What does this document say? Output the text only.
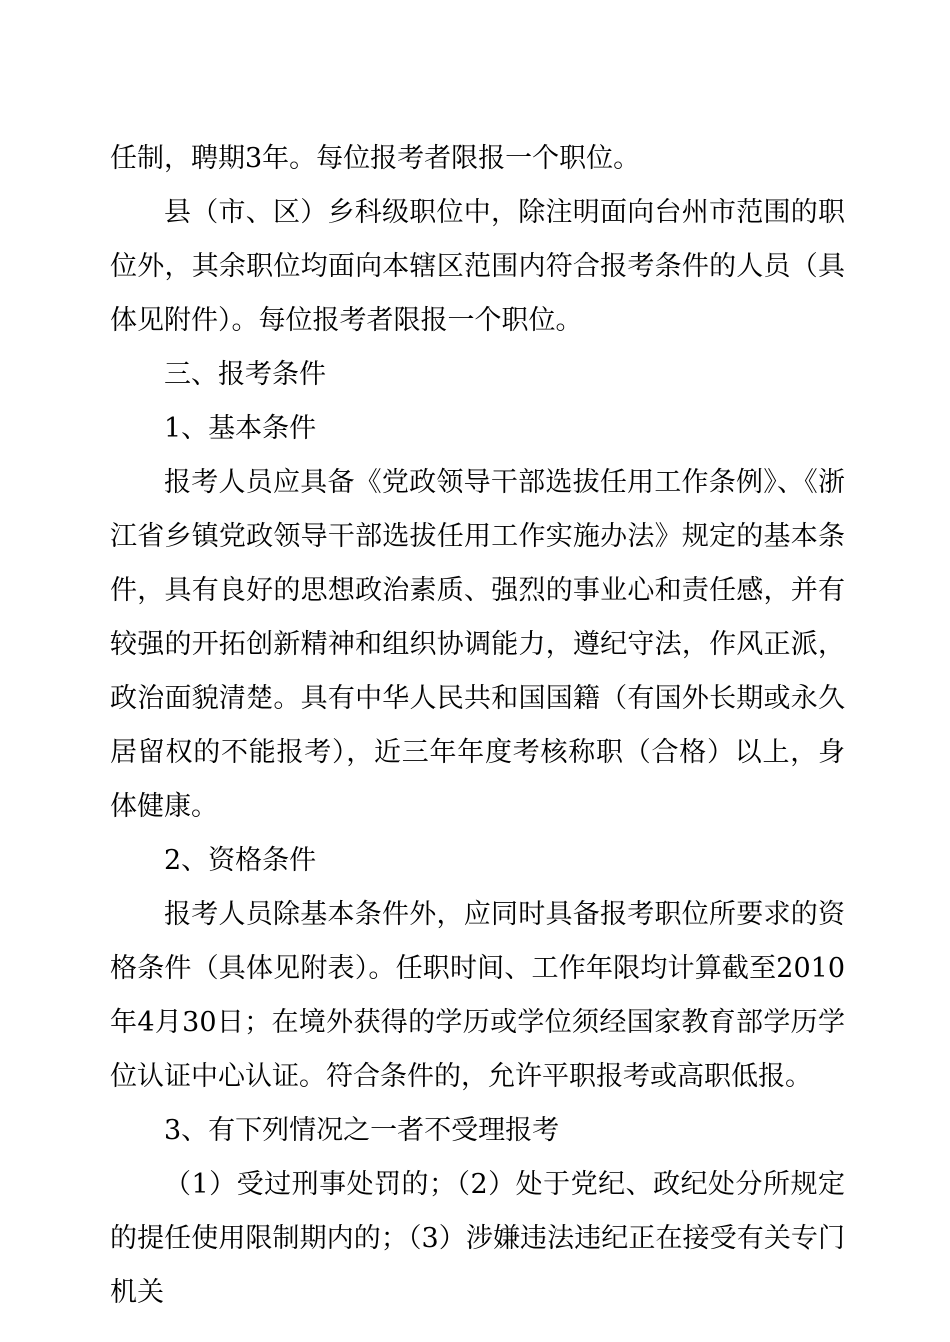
任制，聘期3年。每位报考者限报一个职位。

县（市、区）乡科级职位中，除注明面向台州市范围的职位外，其余职位均面向本辖区范围内符合报考条件的人员（具体见附件）。每位报考者限报一个职位。

三、报考条件

1、基本条件

报考人员应具备《党政领导干部选拔任用工作条例》、《浙江省乡镇党政领导干部选拔任用工作实施办法》规定的基本条件，具有良好的思想政治素质、强烈的事业心和责任感，并有较强的开拓创新精神和组织协调能力，遵纪守法，作风正派，政治面貌清楚。具有中华人民共和国国籍（有国外长期或永久居留权的不能报考），近三年年度考核称职（合格）以上，身体健康。

2、资格条件

报考人员除基本条件外，应同时具备报考职位所要求的资格条件（具体见附表）。任职时间、工作年限均计算截至2010年4月30日；在境外获得的学历或学位须经国家教育部学历学位认证中心认证。符合条件的，允许平职报考或高职低报。

3、有下列情况之一者不受理报考

（1）受过刑事处罚的；（2）处于党纪、政纪处分所规定的提任使用限制期内的；（3）涉嫌违法违纪正在接受有关专门机关
